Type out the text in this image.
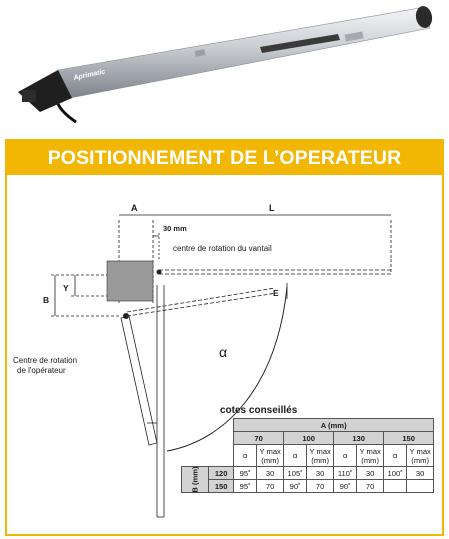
Aprimatic
POSITIONNEMENT DE L’OPERATEUR
A	L
30 mm
centre de rotation du vantail
B
Y	E
α
Centre de rotation
de l'opérateur
cotes conseillés
		A (mm)							
		70		100		130		150	
		α	Y max (mm)	α	Y max (mm)	α	Y max (mm)	α	Y max (mm)
B (mm)	120	95˚	30	105˚	30	110˚	30	100˚	30
	150	95˚	70	90˚	70	90˚	70		
